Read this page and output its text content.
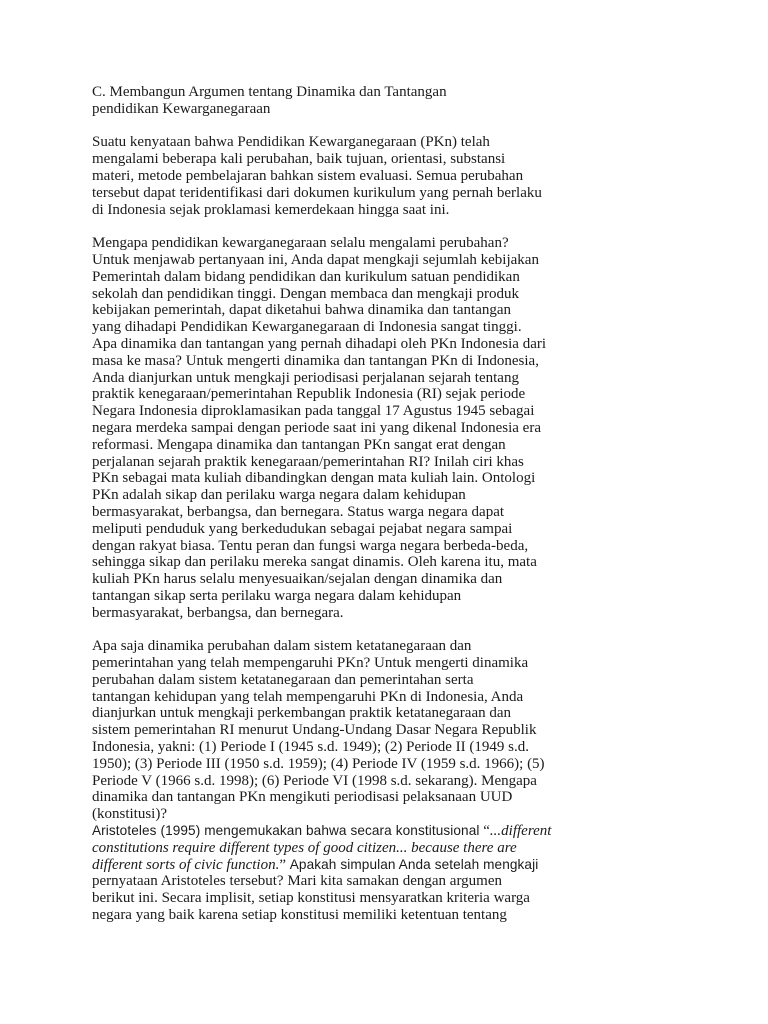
C. Membangun Argumen tentang Dinamika dan Tantangan
pendidikan Kewarganegaraan
Suatu kenyataan bahwa Pendidikan Kewarganegaraan (PKn) telah
mengalami beberapa kali perubahan, baik tujuan, orientasi, substansi
materi, metode pembelajaran bahkan sistem evaluasi. Semua perubahan
tersebut dapat teridentifikasi dari dokumen kurikulum yang pernah berlaku
di Indonesia sejak proklamasi kemerdekaan hingga saat ini.
Mengapa pendidikan kewarganegaraan selalu mengalami perubahan?
Untuk menjawab pertanyaan ini, Anda dapat mengkaji sejumlah kebijakan
Pemerintah dalam bidang pendidikan dan kurikulum satuan pendidikan
sekolah dan pendidikan tinggi. Dengan membaca dan mengkaji produk
kebijakan pemerintah, dapat diketahui bahwa dinamika dan tantangan
yang dihadapi Pendidikan Kewarganegaraan di Indonesia sangat tinggi.
Apa dinamika dan tantangan yang pernah dihadapi oleh PKn Indonesia dari
masa ke masa? Untuk mengerti dinamika dan tantangan PKn di Indonesia,
Anda dianjurkan untuk mengkaji periodisasi perjalanan sejarah tentang
praktik kenegaraan/pemerintahan Republik Indonesia (RI) sejak periode
Negara Indonesia diproklamasikan pada tanggal 17 Agustus 1945 sebagai
negara merdeka sampai dengan periode saat ini yang dikenal Indonesia era
reformasi. Mengapa dinamika dan tantangan PKn sangat erat dengan
perjalanan sejarah praktik kenegaraan/pemerintahan RI? Inilah ciri khas
PKn sebagai mata kuliah dibandingkan dengan mata kuliah lain. Ontologi
PKn adalah sikap dan perilaku warga negara dalam kehidupan
bermasyarakat, berbangsa, dan bernegara. Status warga negara dapat
meliputi penduduk yang berkedudukan sebagai pejabat negara sampai
dengan rakyat biasa. Tentu peran dan fungsi warga negara berbeda-beda,
sehingga sikap dan perilaku mereka sangat dinamis. Oleh karena itu, mata
kuliah PKn harus selalu menyesuaikan/sejalan dengan dinamika dan
tantangan sikap serta perilaku warga negara dalam kehidupan
bermasyarakat, berbangsa, dan bernegara.
Apa saja dinamika perubahan dalam sistem ketatanegaraan dan
pemerintahan yang telah mempengaruhi PKn? Untuk mengerti dinamika
perubahan dalam sistem ketatanegaraan dan pemerintahan serta
tantangan kehidupan yang telah mempengaruhi PKn di Indonesia, Anda
dianjurkan untuk mengkaji perkembangan praktik ketatanegaraan dan
sistem pemerintahan RI menurut Undang-Undang Dasar Negara Republik
Indonesia, yakni: (1) Periode I (1945 s.d. 1949); (2) Periode II (1949 s.d.
1950); (3) Periode III (1950 s.d. 1959); (4) Periode IV (1959 s.d. 1966); (5)
Periode V (1966 s.d. 1998); (6) Periode VI (1998 s.d. sekarang). Mengapa
dinamika dan tantangan PKn mengikuti periodisasi pelaksanaan UUD
(konstitusi)?
Aristoteles (1995) mengemukakan bahwa secara konstitusional “...different
constitutions require different types of good citizen... because there are
different sorts of civic function.” Apakah simpulan Anda setelah mengkaji
pernyataan Aristoteles tersebut? Mari kita samakan dengan argumen
berikut ini. Secara implisit, setiap konstitusi mensyaratkan kriteria warga
negara yang baik karena setiap konstitusi memiliki ketentuan tentang
